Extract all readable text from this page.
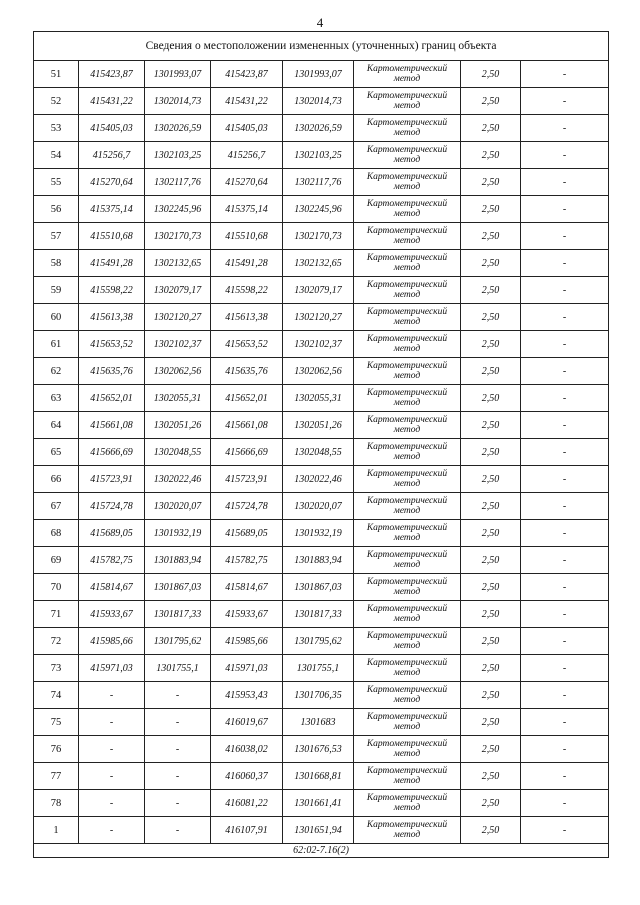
4
Сведения о местоположении измененных (уточненных) границ объекта							
51	415423,87	1301993,07	415423,87	1301993,07	Картометрический метод	2,50	-
52	415431,22	1302014,73	415431,22	1302014,73	Картометрический метод	2,50	-
53	415405,03	1302026,59	415405,03	1302026,59	Картометрический метод	2,50	-
54	415256,7	1302103,25	415256,7	1302103,25	Картометрический метод	2,50	-
55	415270,64	1302117,76	415270,64	1302117,76	Картометрический метод	2,50	-
56	415375,14	1302245,96	415375,14	1302245,96	Картометрический метод	2,50	-
57	415510,68	1302170,73	415510,68	1302170,73	Картометрический метод	2,50	-
58	415491,28	1302132,65	415491,28	1302132,65	Картометрический метод	2,50	-
59	415598,22	1302079,17	415598,22	1302079,17	Картометрический метод	2,50	-
60	415613,38	1302120,27	415613,38	1302120,27	Картометрический метод	2,50	-
61	415653,52	1302102,37	415653,52	1302102,37	Картометрический метод	2,50	-
62	415635,76	1302062,56	415635,76	1302062,56	Картометрический метод	2,50	-
63	415652,01	1302055,31	415652,01	1302055,31	Картометрический метод	2,50	-
64	415661,08	1302051,26	415661,08	1302051,26	Картометрический метод	2,50	-
65	415666,69	1302048,55	415666,69	1302048,55	Картометрический метод	2,50	-
66	415723,91	1302022,46	415723,91	1302022,46	Картометрический метод	2,50	-
67	415724,78	1302020,07	415724,78	1302020,07	Картометрический метод	2,50	-
68	415689,05	1301932,19	415689,05	1301932,19	Картометрический метод	2,50	-
69	415782,75	1301883,94	415782,75	1301883,94	Картометрический метод	2,50	-
70	415814,67	1301867,03	415814,67	1301867,03	Картометрический метод	2,50	-
71	415933,67	1301817,33	415933,67	1301817,33	Картометрический метод	2,50	-
72	415985,66	1301795,62	415985,66	1301795,62	Картометрический метод	2,50	-
73	415971,03	1301755,1	415971,03	1301755,1	Картометрический метод	2,50	-
74	-	-	415953,43	1301706,35	Картометрический метод	2,50	-
75	-	-	416019,67	1301683	Картометрический метод	2,50	-
76	-	-	416038,02	1301676,53	Картометрический метод	2,50	-
77	-	-	416060,37	1301668,81	Картометрический метод	2,50	-
78	-	-	416081,22	1301661,41	Картометрический метод	2,50	-
1	-	-	416107,91	1301651,94	Картометрический метод	2,50	-
62:02-7.16(2)							
